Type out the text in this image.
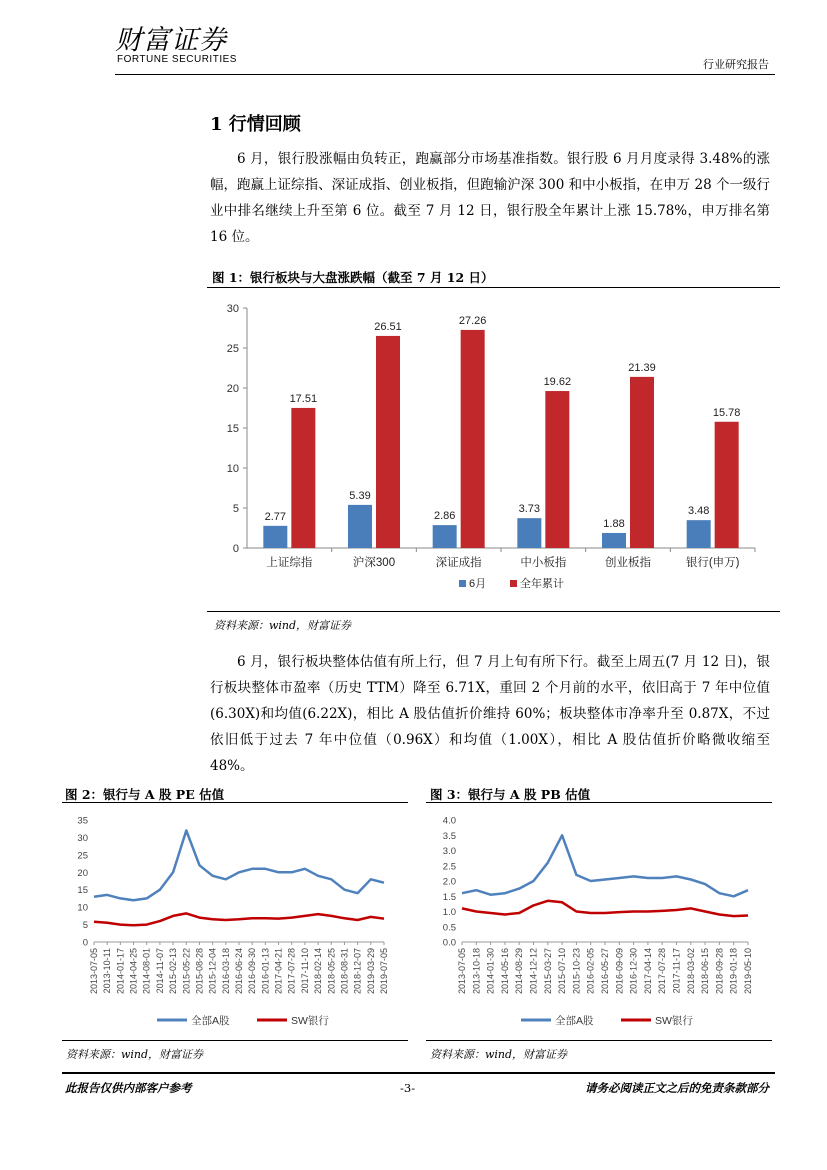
财富证券
FORTUNE SECURITIES	行业研究报告
1 行情回顾

6 月，银行股涨幅由负转正，跑赢部分市场基准指数。银行股 6 月月度录得 3.48%的涨幅，跑赢上证综指、深证成指、创业板指，但跑输沪深 300 和中小板指，在申万 28 个一级行业中排名继续上升至第 6 位。截至 7 月 12 日，银行股全年累计上涨 15.78%，申万排名第 16 位。

图 1：银行板块与大盘涨跌幅（截至 7 月 12 日）
0
5
10
15
20
25
30
上证综指	沪深300	深证成指	中小板指	创业板指	银行(申万)
2.77
17.51
5.39
26.51
2.86
27.26
3.73
19.62
1.88
21.39
3.48
15.78
6月	全年累计
资料来源：wind，财富证券

6 月，银行板块整体估值有所上行，但 7 月上旬有所下行。截至上周五(7 月 12 日)，银行板块整体市盈率（历史 TTM）降至 6.71X，重回 2 个月前的水平，依旧高于 7 年中位值(6.30X)和均值(6.22X)，相比 A 股估值折价维持 60%；板块整体市净率升至 0.87X，不过依旧低于过去 7 年中位值（0.96X）和均值（1.00X），相比 A 股估值折价略微收缩至 48%。

图 2：银行与 A 股 PE 估值
0
5
10
15
20
25
30
35
2013-07-05 2013-10-11 2014-01-17 2014-04-25 2014-08-01 2014-11-07 2015-02-13 2015-05-22 2015-08-28 2015-12-04 2016-03-18 2016-06-24 2016-09-30 2016-01-13 2017-04-21 2017-07-28 2017-11-10 2018-02-14 2018-05-25 2018-08-31 2018-12-07 2019-03-29 2019-07-05
全部A股	SW银行
资料来源：wind，财富证券
图 3：银行与 A 股 PB 估值
0.0
0.5
1.0
1.5
2.0
2.5
3.0
3.5
4.0
2013-07-05 2013-10-18 2014-01-30 2014-05-16 2014-08-29 2014-12-12 2015-03-27 2015-07-10 2015-10-23 2016-02-05 2016-05-27 2016-09-09 2016-12-30 2017-04-14 2017-07-28 2017-11-17 2018-03-02 2018-06-15 2018-09-28 2019-01-18 2019-05-10
全部A股	SW银行
资料来源：wind，财富证券
此报告仅供内部客户参考	-3-	请务必阅读正文之后的免责条款部分
